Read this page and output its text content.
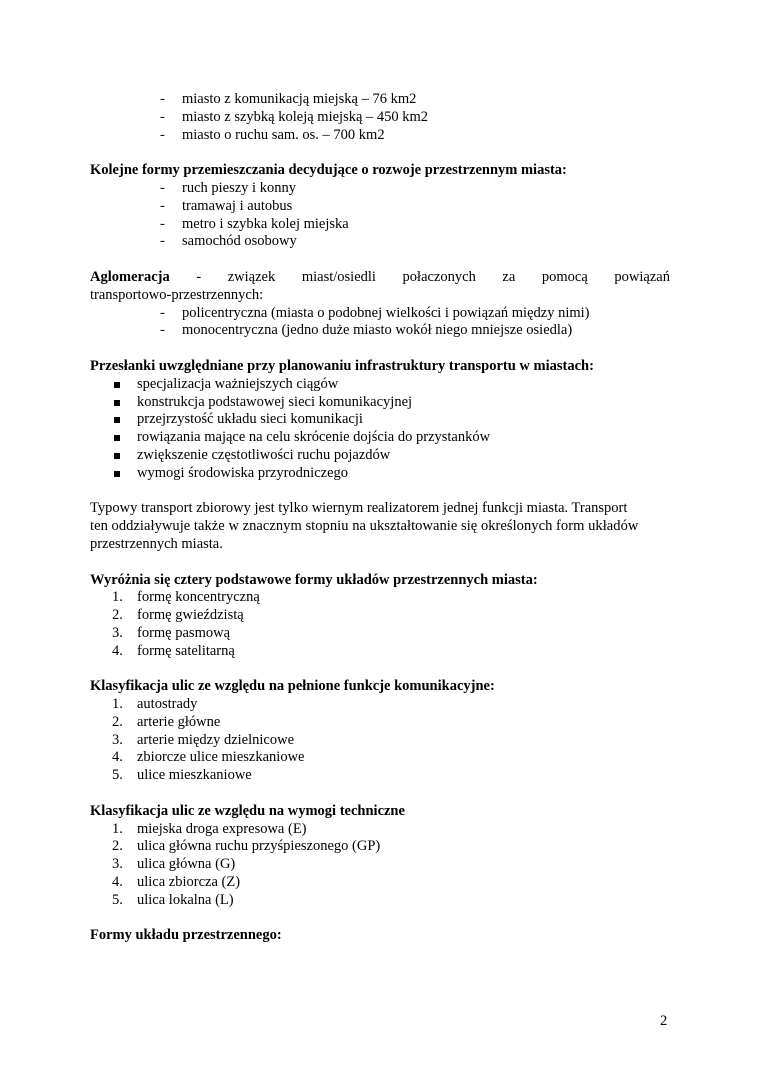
- miasto z komunikacją miejską – 76 km2
- miasto z szybką koleją miejską – 450 km2
- miasto o ruchu sam. os. – 700 km2

Kolejne formy przemieszczania decydujące o rozwoje przestrzennym miasta:

- ruch pieszy i konny
- tramawaj i autobus
- metro i szybka kolej miejska
- samochód osobowy
Aglomeracja - związek miast/osiedli połaczonych za pomocą powiązań
transportowo-przestrzennych:
- policentryczna (miasta o podobnej wielkości i powiązań między nimi)
- monocentryczna (jedno duże miasto wokół niego mniejsze osiedla)

Przesłanki uwzględniane przy planowaniu infrastruktury transportu w miastach:

specjalizacja ważniejszych ciągów
konstrukcja podstawowej sieci komunikacyjnej
przejrzystość układu sieci komunikacji
rowiązania mające na celu skrócenie dojścia do przystanków
zwiększenie częstotliwości ruchu pojazdów
wymogi środowiska przyrodniczego
Typowy transport zbiorowy jest tylko wiernym realizatorem jednej funkcji miasta. Transport
ten oddziaływuje także w znacznym stopniu na ukształtowanie się określonych form układów
przestrzennych miasta.

Wyróżnia się cztery podstawowe formy układów przestrzennych miasta:

1. formę koncentryczną
2. formę gwieździstą
3. formę pasmową
4. formę satelitarną

Klasyfikacja ulic ze względu na pełnione funkcje komunikacyjne:

1. autostrady
2. arterie główne
3. arterie między dzielnicowe
4. zbiorcze ulice mieszkaniowe
5. ulice mieszkaniowe

Klasyfikacja ulic ze względu na wymogi techniczne

1. miejska droga expresowa (E)
2. ulica główna ruchu przyśpieszonego (GP)
3. ulica główna (G)
4. ulica zbiorcza (Z)
5. ulica lokalna (L)

Formy układu przestrzennego:

2
